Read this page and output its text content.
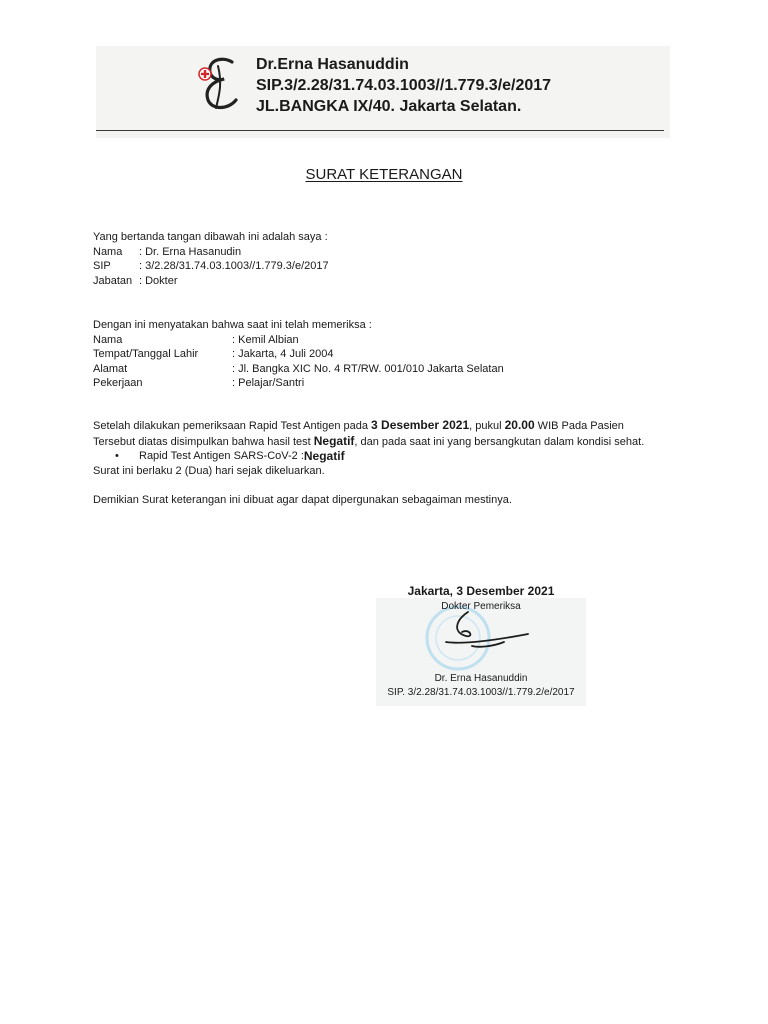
Dr.Erna Hasanuddin
SIP.3/2.28/31.74.03.1003//1.779.3/e/2017
JL.BANGKA IX/40. Jakarta Selatan.
SURAT KETERANGAN
Yang bertanda tangan dibawah ini adalah saya :
Nama	: Dr. Erna Hasanudin
SIP	: 3/2.28/31.74.03.1003//1.779.3/e/2017
Jabatan : Dokter
Dengan ini menyatakan bahwa saat ini telah memeriksa :
Nama	: Kemil Albian
Tempat/Tanggal Lahir	: Jakarta, 4 Juli 2004
Alamat	: Jl. Bangka XIC No. 4 RT/RW. 001/010 Jakarta Selatan
Pekerjaan	: Pelajar/Santri
Setelah dilakukan pemeriksaan Rapid Test Antigen pada 3 Desember 2021, pukul 20.00 WIB Pada Pasien Tersebut diatas disimpulkan bahwa hasil test Negatif, dan pada saat ini yang bersangkutan dalam kondisi sehat.
•	Rapid Test Antigen SARS-CoV-2 : Negatif
Surat ini berlaku 2 (Dua) hari sejak dikeluarkan.
Demikian Surat keterangan ini dibuat agar dapat dipergunakan sebagaiman mestinya.
Jakarta, 3 Desember 2021
Dokter Pemeriksa
Dr. Erna Hasanuddin
SIP. 3/2.28/31.74.03.1003//1.779.2/e/2017
